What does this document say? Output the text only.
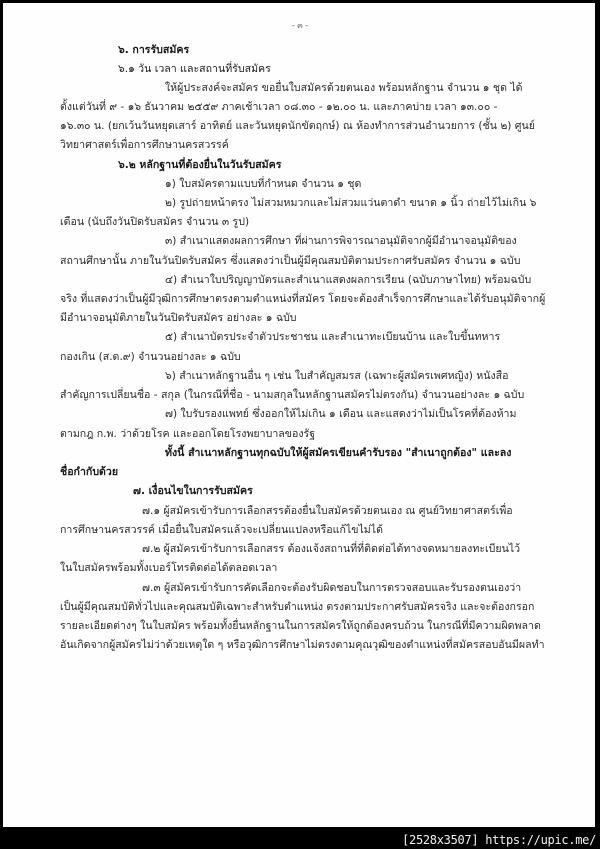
- ๓ -
๖. การรับสมัคร
๖.๑ วัน เวลา และสถานที่รับสมัคร
ให้ผู้ประสงค์จะสมัคร ขอยื่นใบสมัครด้วยตนเอง พร้อมหลักฐาน จำนวน ๑ ชุด ได้
ตั้งแต่วันที่ ๙ - ๑๖ ธันวาคม ๒๕๕๙ ภาคเช้าเวลา ๐๘.๓๐ - ๑๒.๐๐ น. และภาคบ่าย เวลา ๑๓.๐๐ -
๑๖.๓๐ น. (ยกเว้นวันหยุดเสาร์ อาทิตย์ และวันหยุดนักขัตฤกษ์) ณ ห้องทำการส่วนอำนวยการ (ชั้น ๒) ศูนย์
วิทยาศาสตร์เพื่อการศึกษานครสวรรค์
๖.๒ หลักฐานที่ต้องยื่นในวันรับสมัคร
๑) ใบสมัครตามแบบที่กำหนด จำนวน ๑ ชุด
๒) รูปถ่ายหน้าตรง ไม่สวมหมวกและไม่สวมแว่นตาดำ ขนาด ๑ นิ้ว ถ่ายไว้ไม่เกิน ๖
เดือน (นับถึงวันปิดรับสมัคร จำนวน ๓ รูป)
๓) สำเนาแสดงผลการศึกษา ที่ผ่านการพิจารณาอนุมัติจากผู้มีอำนาจอนุมัติของ
สถานศึกษานั้น ภายในวันปิดรับสมัคร ซึ่งแสดงว่าเป็นผู้มีคุณสมบัติตามประกาศรับสมัคร จำนวน ๑ ฉบับ
๔) สำเนาใบปริญญาบัตรและสำเนาแสดงผลการเรียน (ฉบับภาษาไทย) พร้อมฉบับ
จริง ที่แสดงว่าเป็นผู้มีวุฒิการศึกษาตรงตามตำแหน่งที่สมัคร โดยจะต้องสำเร็จการศึกษาและได้รับอนุมัติจากผู้
มีอำนาจอนุมัติภายในวันปิดรับสมัคร อย่างละ ๑ ฉบับ
๕) สำเนาบัตรประจำตัวประชาชน และสำเนาทะเบียนบ้าน และใบขึ้นทหาร
กองเกิน (ส.ด.๙) จำนวนอย่างละ ๑ ฉบับ
๖) สำเนาหลักฐานอื่น ๆ เช่น ใบสำคัญสมรส (เฉพาะผู้สมัครเพศหญิง) หนังสือ
สำคัญการเปลี่ยนชื่อ - สกุล (ในกรณีที่ชื่อ - นามสกุลในหลักฐานสมัครไม่ตรงกัน) จำนวนอย่างละ ๑ ฉบับ
๗) ใบรับรองแพทย์ ซึ่งออกให้ไม่เกิน ๑ เดือน และแสดงว่าไม่เป็นโรคที่ต้องห้าม
ตามกฎ ก.พ. ว่าด้วยโรค และออกโดยโรงพยาบาลของรัฐ
ทั้งนี้ สำเนาหลักฐานทุกฉบับให้ผู้สมัครเขียนคำรับรอง "สำเนาถูกต้อง" และลง
ชื่อกำกับด้วย
๗. เงื่อนไขในการรับสมัคร
๗.๑ ผู้สมัครเข้ารับการเลือกสรรต้องยื่นใบสมัครด้วยตนเอง ณ ศูนย์วิทยาศาสตร์เพื่อ
การศึกษานครสวรรค์ เมื่อยื่นใบสมัครแล้วจะเปลี่ยนแปลงหรือแก้ไขไม่ได้
๗.๒ ผู้สมัครเข้ารับการเลือกสรร ต้องแจ้งสถานที่ที่ติดต่อได้ทางจดหมายลงทะเบียนไว้
ในใบสมัครพร้อมทั้งเบอร์โทรติดต่อได้ตลอดเวลา
๗.๓ ผู้สมัครเข้ารับการคัดเลือกจะต้องรับผิดชอบในการตรวจสอบและรับรองตนเองว่า
เป็นผู้มีคุณสมบัติทั่วไปและคุณสมบัติเฉพาะสำหรับตำแหน่ง ตรงตามประกาศรับสมัครจริง และจะต้องกรอก
รายละเอียดต่างๆ ในใบสมัคร พร้อมทั้งยื่นหลักฐานในการสมัครให้ถูกต้องครบถ้วน ในกรณีที่มีความผิดพลาด
อันเกิดจากผู้สมัครไม่ว่าด้วยเหตุใด ๆ หรือวุฒิการศึกษาไม่ตรงตามคุณวุฒิของตำแหน่งที่สมัครสอบอันมีผลทำ
[2528x3507] https://upic.me/
